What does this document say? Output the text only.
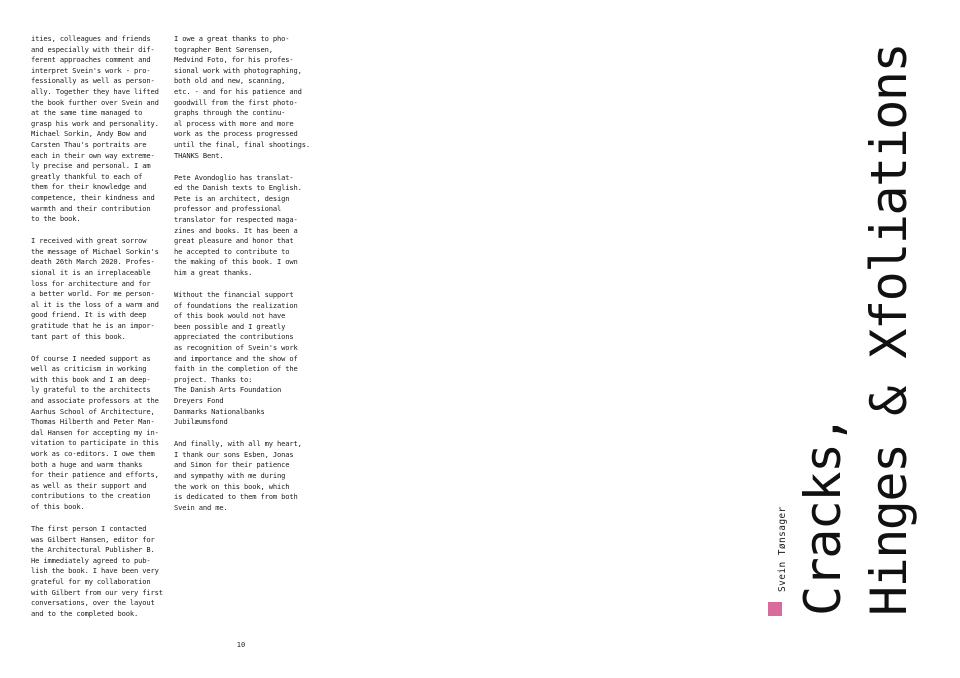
ities, colleagues and friends
and especially with their dif-
ferent approaches comment and
interpret Svein's work - pro-
fessionally as well as person-
ally. Together they have lifted
the book further over Svein and
at the same time managed to
grasp his work and personality.
Michael Sorkin, Andy Bow and
Carsten Thau's portraits are
each in their own way extreme-
ly precise and personal. I am
greatly thankful to each of
them for their knowledge and
competence, their kindness and
warmth and their contribution
to the book.

I received with great sorrow
the message of Michael Sorkin's
death 26th March 2020. Profes-
sional it is an irreplaceable
loss for architecture and for
a better world. For me person-
al it is the loss of a warm and
good friend. It is with deep
gratitude that he is an impor-
tant part of this book.

Of course I needed support as
well as criticism in working
with this book and I am deep-
ly grateful to the architects
and associate professors at the
Aarhus School of Architecture,
Thomas Hilberth and Peter Man-
dal Hansen for accepting my in-
vitation to participate in this
work as co-editors. I owe them
both a huge and warm thanks
for their patience and efforts,
as well as their support and
contributions to the creation
of this book.

The first person I contacted
was Gilbert Hansen, editor for
the Architectural Publisher B.
He immediately agreed to pub-
lish the book. I have been very
grateful for my collaboration
with Gilbert from our very first
conversations, over the layout
and to the completed book.

I owe a great thanks to pho-
tographer Bent Sørensen,
Medvind Foto, for his profes-
sional work with photographing,
both old and new, scanning,
etc. - and for his patience and
goodwill from the first photo-
graphs through the continu-
al process with more and more
work as the process progressed
until the final, final shootings.
THANKS Bent.

Pete Avondoglio has translat-
ed the Danish texts to English.
Pete is an architect, design
professor and professional
translator for respected maga-
zines and books. It has been a
great pleasure and honor that
he accepted to contribute to
the making of this book. I own
him a great thanks.

Without the financial support
of foundations the realization
of this book would not have
been possible and I greatly
appreciated the contributions
as recognition of Svein's work
and importance and the show of
faith in the completion of the
project. Thanks to:
The Danish Arts Foundation
Dreyers Fond
Danmarks Nationalbanks
Jubilæumsfond

And finally, with all my heart,
I thank our sons Esben, Jonas
and Simon for their patience
and sympathy with me during
the work on this book, which
is dedicated to them from both
Svein and me.

10
Svein Tønsager Cracks, Hinges & Xfoliations
